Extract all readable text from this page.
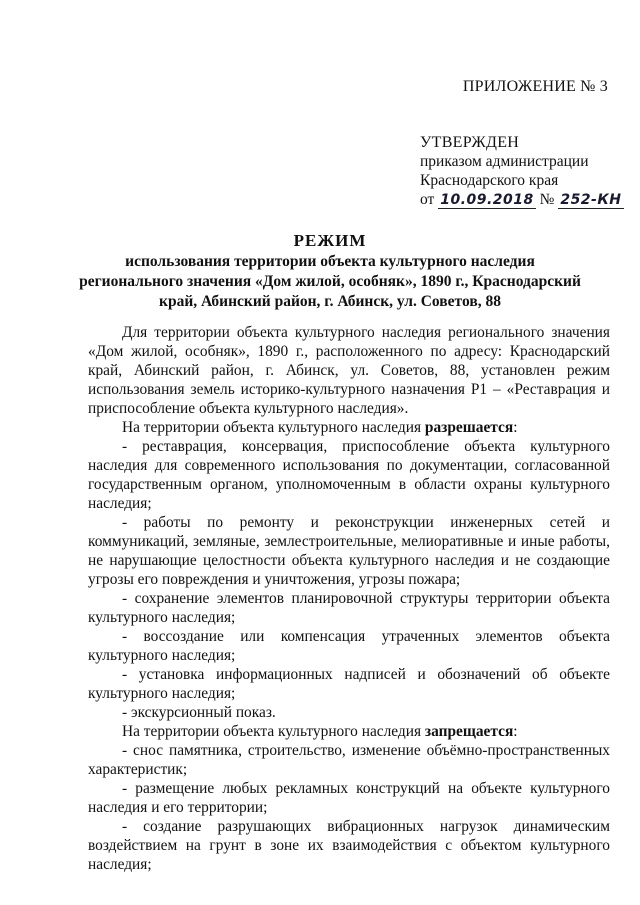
ПРИЛОЖЕНИЕ № 3
УТВЕРЖДЕН
приказом администрации
Краснодарского края
от 10.09.2018 № 252-КН
РЕЖИМ
использования территории объекта культурного наследия
регионального значения «Дом жилой, особняк», 1890 г., Краснодарский
край, Абинский район, г. Абинск, ул. Советов, 88

Для территории объекта культурного наследия регионального значения «Дом жилой, особняк», 1890 г., расположенного по адресу: Краснодарский край, Абинский район, г. Абинск, ул. Советов, 88, установлен режим использования земель историко-культурного назначения Р1 – «Реставрация и приспособление объекта культурного наследия».

На территории объекта культурного наследия разрешается:

- реставрация, консервация, приспособление объекта культурного наследия для современного использования по документации, согласованной государственным органом, уполномоченным в области охраны культурного наследия;

- работы по ремонту и реконструкции инженерных сетей и коммуникаций, земляные, землестроительные, мелиоративные и иные работы, не нарушающие целостности объекта культурного наследия и не создающие угрозы его повреждения и уничтожения, угрозы пожара;

- сохранение элементов планировочной структуры территории объекта культурного наследия;

- воссоздание или компенсация утраченных элементов объекта культурного наследия;

- установка информационных надписей и обозначений об объекте культурного наследия;

- экскурсионный показ.

На территории объекта культурного наследия запрещается:

- снос памятника, строительство, изменение объёмно-пространственных характеристик;

- размещение любых рекламных конструкций на объекте культурного наследия и его территории;

- создание разрушающих вибрационных нагрузок динамическим воздействием на грунт в зоне их взаимодействия с объектом культурного наследия;
